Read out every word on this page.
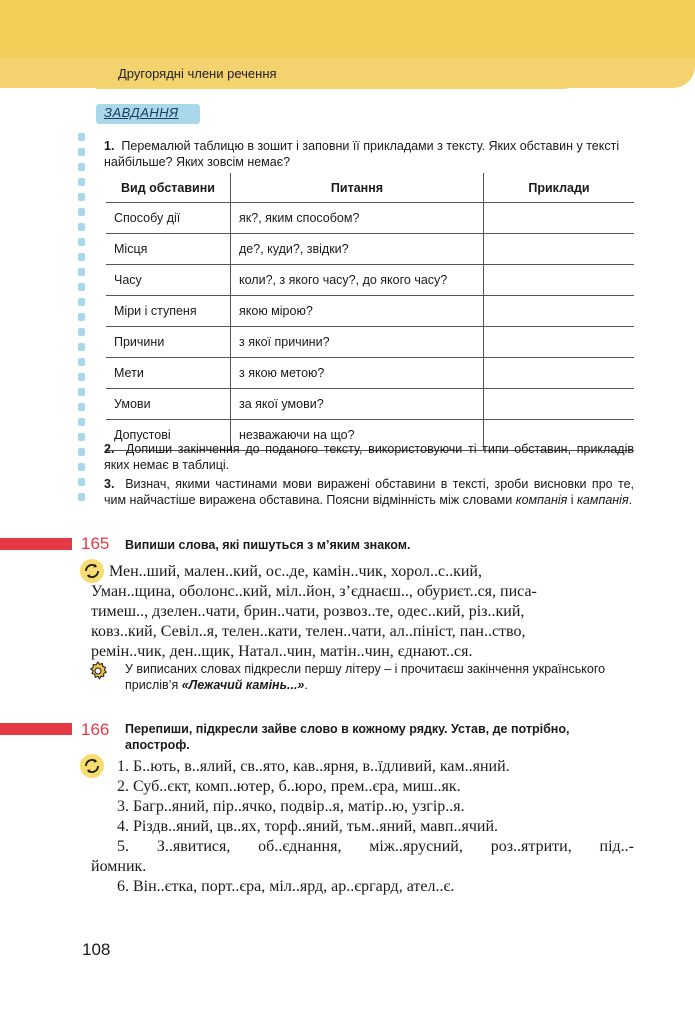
Другорядні члени речення
ЗАВДАННЯ
1. Перемалюй таблицю в зошит і заповни її прикладами з тексту. Яких обставин у тексті найбільше? Яких зовсім немає?
Вид обставини	Питання	Приклади
Способу дії	як?, яким способом?	
Місця	де?, куди?, звідки?	
Часу	коли?, з якого часу?, до якого часу?	
Міри і ступеня	якою мірою?	
Причини	з якої причини?	
Мети	з якою метою?	
Умови	за якої умови?	
Допустові	незважаючи на що?	
2. Допиши закінчення до поданого тексту, використовуючи ті типи обставин, прикладів яких немає в таблиці.
3. Визнач, якими частинами мови виражені обставини в тексті, зроби висновки про те, чим найчастіше виражена обставина. Поясни відмінність між словами компанія і кампанія.
165 Випиши слова, які пишуться з м’яким знаком.

Мен..ший, мален..кий, ос..де, камін..чик, хорол..с..кий,

Уман..щина, оболонс..кий, міл..йон, з’єднаєш.., обуриєт..ся, писа-

тимеш.., дзелен..чати, брин..чати, розвоз..те, одес..кий, різ..кий,

ковз..кий, Севіл..я, телен..кати, телен..чати, ал..пініст, пан..ство,

ремін..чик, ден..щик, Натал..чин, матін..чин, єднают..ся.

У виписаних словах підкресли першу літеру – і прочитаєш закінчення українського прислів’я «Лежачий камінь...».
166 Перепиши, підкресли зайве слово в кожному рядку. Устав, де потрібно, апостроф.

1. Б..ють, в..ялий, св..ято, кав..ярня, в..їдливий, кам..яний.

2. Суб..єкт, комп..ютер, б..юро, прем..єра, миш..як.

3. Багр..яний, пір..ячко, подвір..я, матір..ю, узгір..я.

4. Різдв..яний, цв..ях, торф..яний, тьм..яний, мавп..ячий.

5. З..явитися, об..єднання, між..ярусний, роз..ятрити, під..-

йомник.

6. Він..єтка, порт..єра, міл..ярд, ар..єргард, ател..є.

108
